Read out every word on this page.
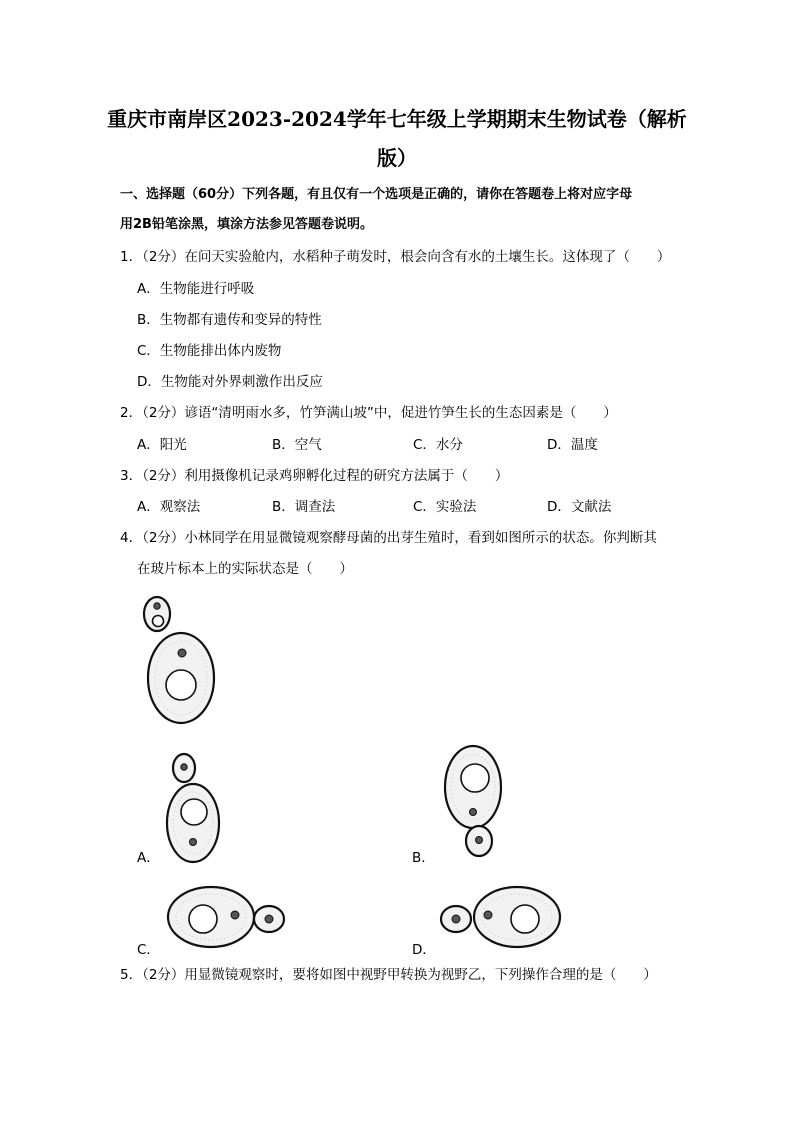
重庆市南岸区2023-2024学年七年级上学期期末生物试卷（解析
版）
一、选择题（60分）下列各题，有且仅有一个选项是正确的，请你在答题卷上将对应字母
用2B铅笔涂黑，填涂方法参见答题卷说明。
1．（2分）在问天实验舱内，水稻种子萌发时，根会向含有水的土壤生长。这体现了（　　）
A．生物能进行呼吸
B．生物都有遗传和变异的特性
C．生物能排出体内废物
D．生物能对外界刺激作出反应
2．（2分）谚语“清明雨水多，竹笋满山坡”中，促进竹笋生长的生态因素是（　　）
A．阳光	B．空气	C．水分	D．温度
3．（2分）利用摄像机记录鸡卵孵化过程的研究方法属于（　　）
A．观察法	B．调查法	C．实验法	D．文献法
4．（2分）小林同学在用显微镜观察酵母菌的出芽生殖时，看到如图所示的状态。你判断其
在玻片标本上的实际状态是（　　）
A．	B．
C．	D．
5．（2分）用显微镜观察时，要将如图中视野甲转换为视野乙，下列操作合理的是（　　）
